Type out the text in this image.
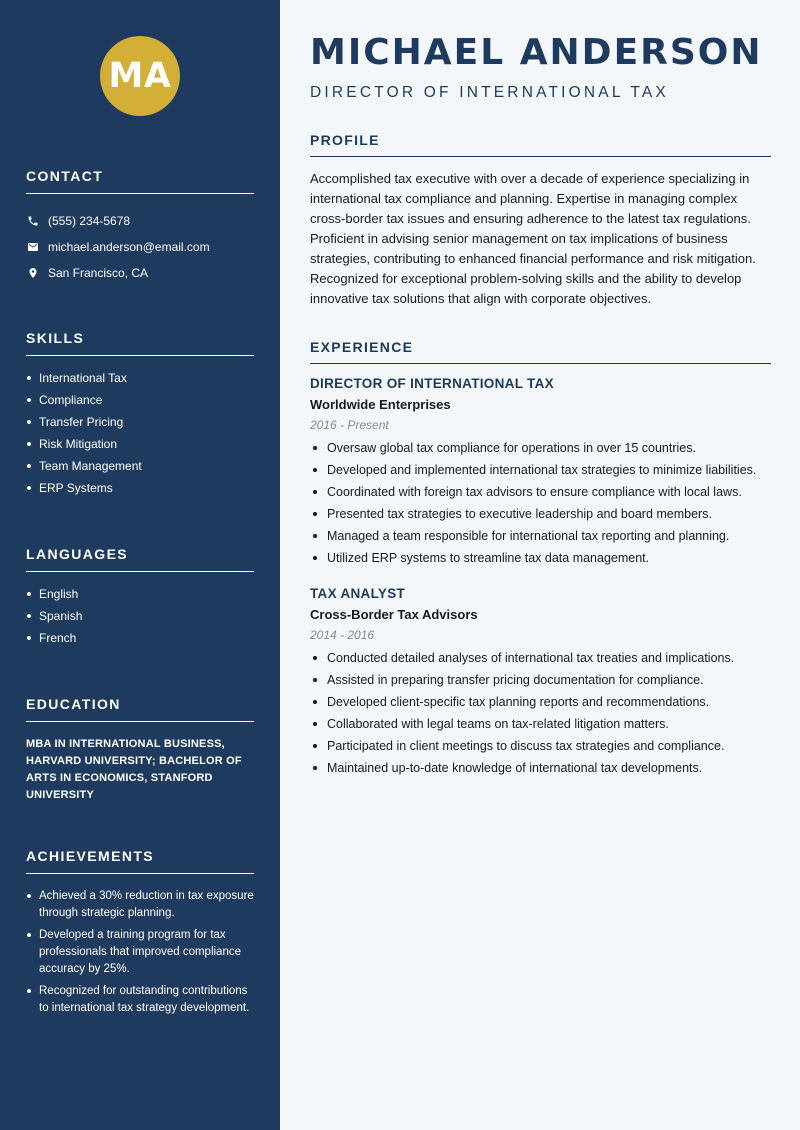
MA
CONTACT
(555) 234-5678
michael.anderson@email.com
San Francisco, CA
SKILLS
International Tax
Compliance
Transfer Pricing
Risk Mitigation
Team Management
ERP Systems
LANGUAGES
English
Spanish
French
EDUCATION

MBA IN INTERNATIONAL BUSINESS, HARVARD UNIVERSITY; BACHELOR OF ARTS IN ECONOMICS, STANFORD UNIVERSITY

ACHIEVEMENTS
Achieved a 30% reduction in tax exposure through strategic planning.
Developed a training program for tax professionals that improved compliance accuracy by 25%.
Recognized for outstanding contributions to international tax strategy development.
MICHAEL ANDERSON
DIRECTOR OF INTERNATIONAL TAX
PROFILE

Accomplished tax executive with over a decade of experience specializing in international tax compliance and planning. Expertise in managing complex cross-border tax issues and ensuring adherence to the latest tax regulations. Proficient in advising senior management on tax implications of business strategies, contributing to enhanced financial performance and risk mitigation. Recognized for exceptional problem-solving skills and the ability to develop innovative tax solutions that align with corporate objectives.

EXPERIENCE
DIRECTOR OF INTERNATIONAL TAX
Worldwide Enterprises
2016 - Present
Oversaw global tax compliance for operations in over 15 countries.
Developed and implemented international tax strategies to minimize liabilities.
Coordinated with foreign tax advisors to ensure compliance with local laws.
Presented tax strategies to executive leadership and board members.
Managed a team responsible for international tax reporting and planning.
Utilized ERP systems to streamline tax data management.
TAX ANALYST
Cross-Border Tax Advisors
2014 - 2016
Conducted detailed analyses of international tax treaties and implications.
Assisted in preparing transfer pricing documentation for compliance.
Developed client-specific tax planning reports and recommendations.
Collaborated with legal teams on tax-related litigation matters.
Participated in client meetings to discuss tax strategies and compliance.
Maintained up-to-date knowledge of international tax developments.
